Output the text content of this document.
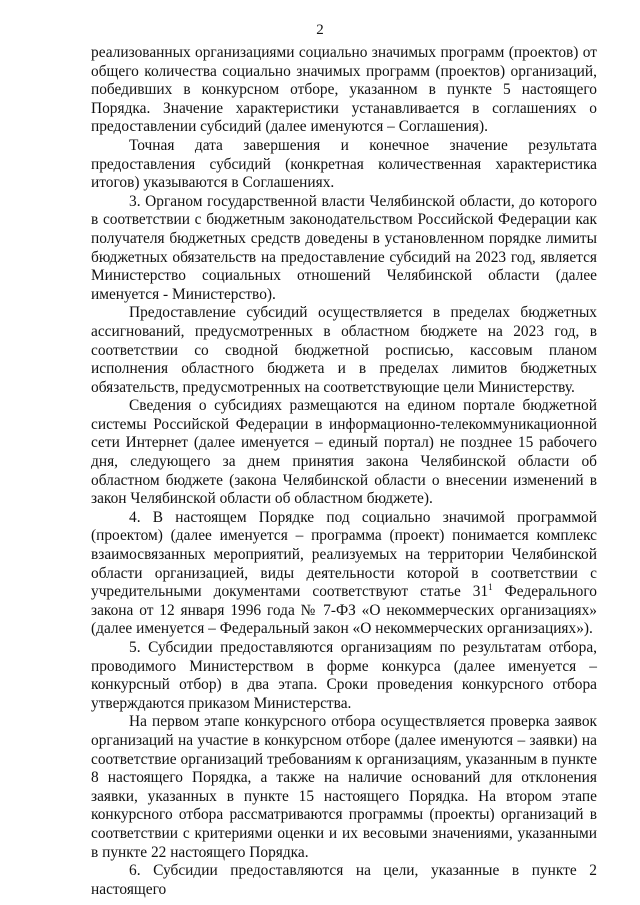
2

реализованных организациями социально значимых программ (проектов) от общего количества социально значимых программ (проектов) организаций, победивших в конкурсном отборе, указанном в пункте 5 настоящего Порядка. Значение характеристики устанавливается в соглашениях о предоставлении субсидий (далее именуются – Соглашения).

Точная дата завершения и конечное значение результата предоставления субсидий (конкретная количественная характеристика итогов) указываются в Соглашениях.

3. Органом государственной власти Челябинской области, до которого в соответствии с бюджетным законодательством Российской Федерации как получателя бюджетных средств доведены в установленном порядке лимиты бюджетных обязательств на предоставление субсидий на 2023 год, является Министерство социальных отношений Челябинской области (далее именуется - Министерство).

Предоставление субсидий осуществляется в пределах бюджетных ассигнований, предусмотренных в областном бюджете на 2023 год, в соответствии со сводной бюджетной росписью, кассовым планом исполнения областного бюджета и в пределах лимитов бюджетных обязательств, предусмотренных на соответствующие цели Министерству.

Сведения о субсидиях размещаются на едином портале бюджетной системы Российской Федерации в информационно-телекоммуникационной сети Интернет (далее именуется – единый портал) не позднее 15 рабочего дня, следующего за днем принятия закона Челябинской области об областном бюджете (закона Челябинской области о внесении изменений в закон Челябинской области об областном бюджете).

4. В настоящем Порядке под социально значимой программой (проектом) (далее именуется – программа (проект) понимается комплекс взаимосвязанных мероприятий, реализуемых на территории Челябинской области организацией, виды деятельности которой в соответствии с учредительными документами соответствуют статье $31^1$ Федерального закона от 12 января 1996 года № 7-ФЗ «О некоммерческих организациях» (далее именуется – Федеральный закон «О некоммерческих организациях»).

5. Субсидии предоставляются организациям по результатам отбора, проводимого Министерством в форме конкурса (далее именуется – конкурсный отбор) в два этапа. Сроки проведения конкурсного отбора утверждаются приказом Министерства.

На первом этапе конкурсного отбора осуществляется проверка заявок организаций на участие в конкурсном отборе (далее именуются – заявки) на соответствие организаций требованиям к организациям, указанным в пункте 8 настоящего Порядка, а также на наличие оснований для отклонения заявки, указанных в пункте 15 настоящего Порядка. На втором этапе конкурсного отбора рассматриваются программы (проекты) организаций в соответствии с критериями оценки и их весовыми значениями, указанными в пункте 22 настоящего Порядка.

6. Субсидии предоставляются на цели, указанные в пункте 2 настоящего
